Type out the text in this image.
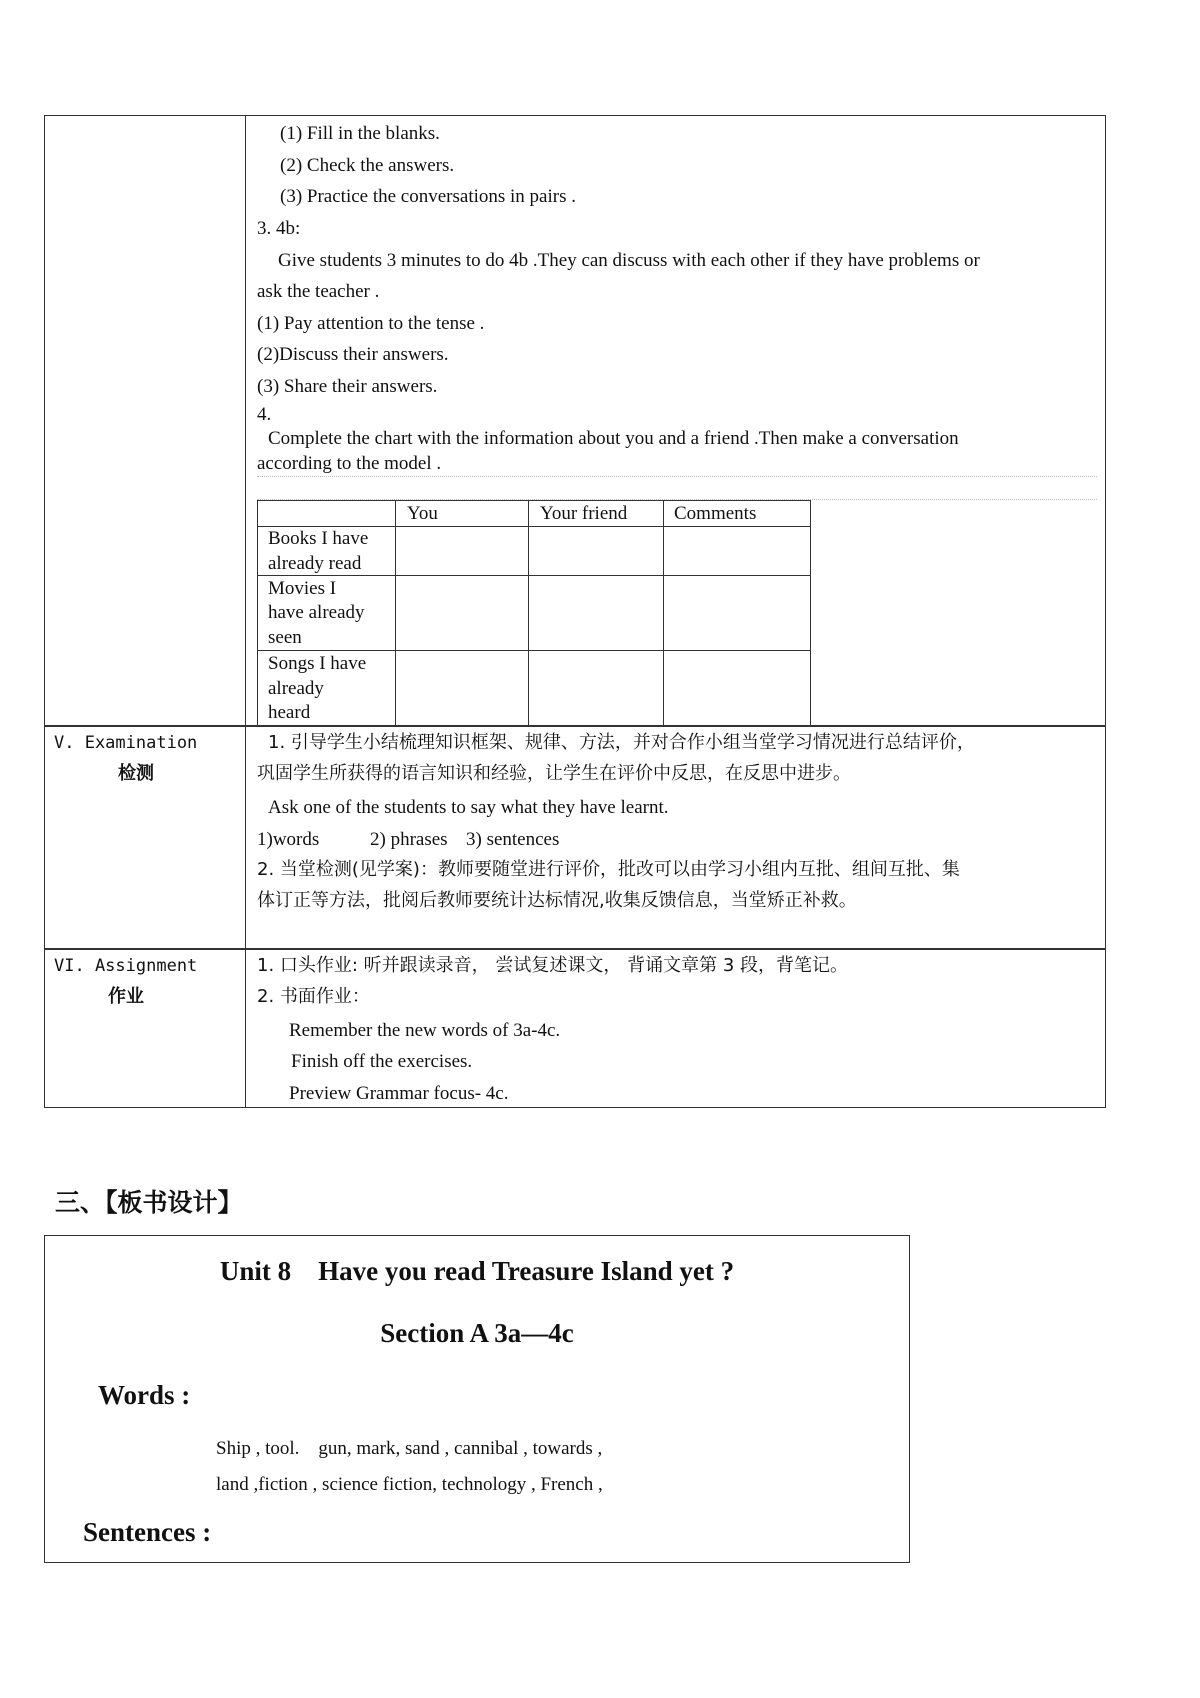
(1) Fill in the blanks.
(2) Check the answers.
(3) Practice the conversations in pairs .
3. 4b:
Give students 3 minutes to do 4b .They can discuss with each other if they have problems or
ask the teacher .
(1) Pay attention to the tense .
(2)Discuss their answers.
(3) Share their answers.
4.
Complete the chart with the information about you and a friend .Then make a conversation
according to the model .
You	Your friend Comments
Books I have
already read
Movies I
have already
seen
Songs I have
already
heard
V. Examination
检测
1. 引导学生小结梳理知识框架、规律、方法，并对合作小组当堂学习情况进行总结评价，
巩固学生所获得的语言知识和经验，让学生在评价中反思，在反思中进步。
Ask one of the students to say what they have learnt.
1)words	2) phrases 3) sentences
2. 当堂检测(见学案)：教师要随堂进行评价，批改可以由学习小组内互批、组间互批、集
体订正等方法，批阅后教师要统计达标情况,收集反馈信息，当堂矫正补救。
VI. Assignment
作业
1. 口头作业: 听并跟读录音， 尝试复述课文， 背诵文章第 3 段，背笔记。
2. 书面作业：
Remember the new words of 3a-4c.
Finish off the exercises.
Preview Grammar focus- 4c.
三、【板书设计】
Unit 8    Have you read Treasure Island yet ?
Section A 3a—4c
Words :
Ship , tool.    gun, mark, sand , cannibal , towards ,
land ,fiction , science fiction, technology , French ,
Sentences :
